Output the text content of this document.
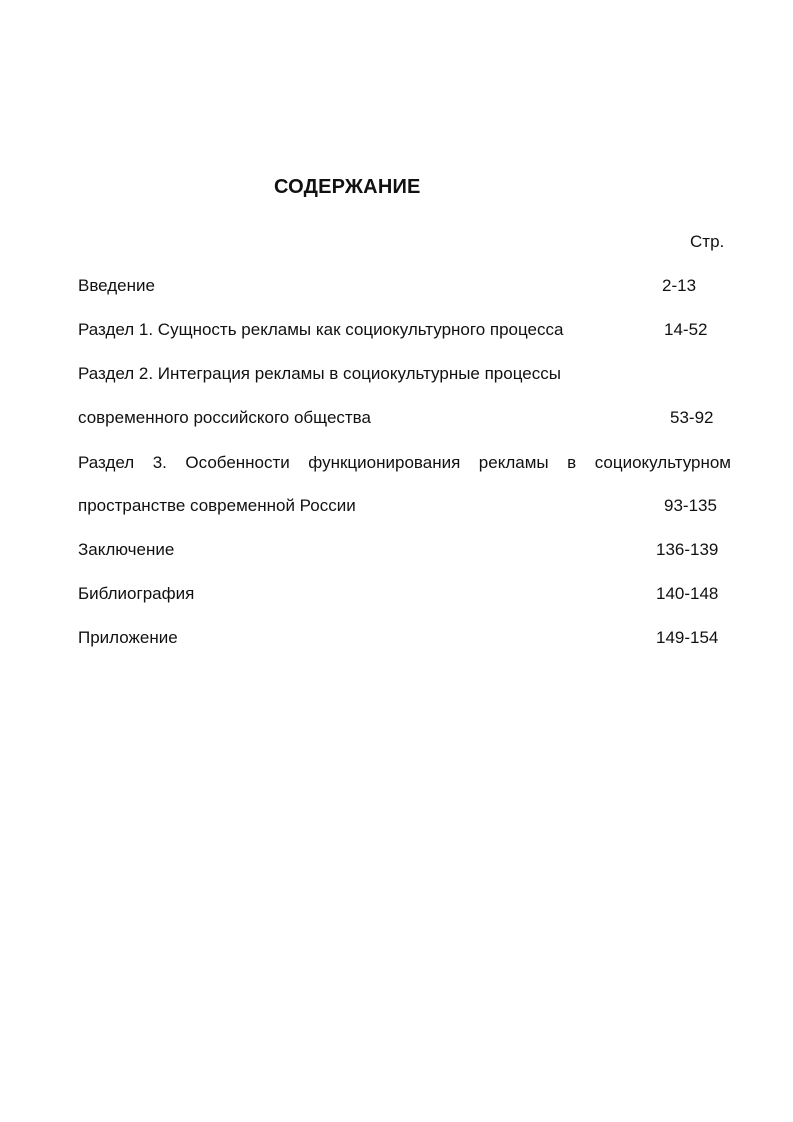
СОДЕРЖАНИЕ
Стр.
Введение	2-13
Раздел 1. Сущность рекламы как социокультурного процесса	14-52
Раздел 2. Интеграция рекламы в социокультурные процессы
современного российского общества	53-92
Раздел 3. Особенности функционирования рекламы в социокультурном
пространстве современной России	93-135
Заключение	136-139
Библиография	140-148
Приложение	149-154
